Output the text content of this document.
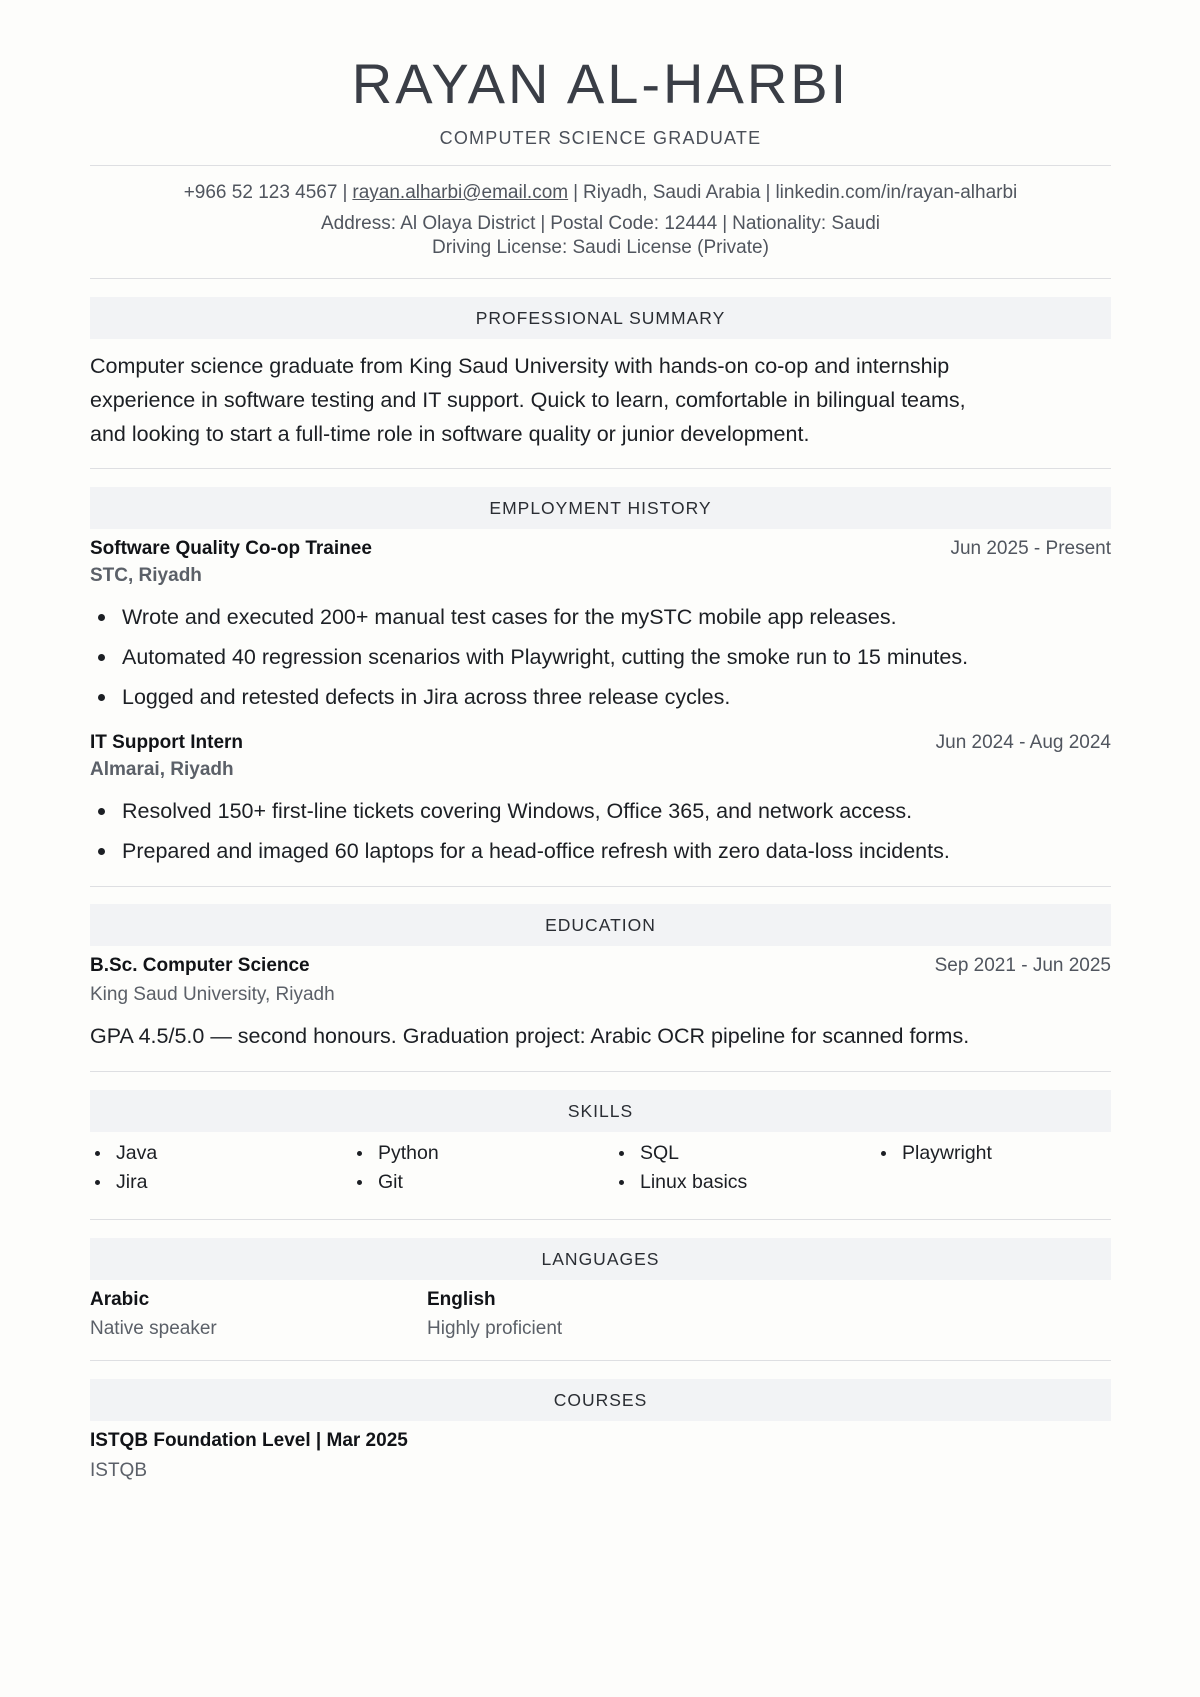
RAYAN AL-HARBI
COMPUTER SCIENCE GRADUATE
+966 52 123 4567 | rayan.alharbi@email.com | Riyadh, Saudi Arabia | linkedin.com/in/rayan-alharbi
Address: Al Olaya District | Postal Code: 12444 | Nationality: Saudi
Driving License: Saudi License (Private)
PROFESSIONAL SUMMARY
Computer science graduate from King Saud University with hands-on co-op and internship
experience in software testing and IT support. Quick to learn, comfortable in bilingual teams,
and looking to start a full-time role in software quality or junior development.
EMPLOYMENT HISTORY
Software Quality Co-op Trainee	Jun 2025 - Present
STC, Riyadh
Wrote and executed 200+ manual test cases for the mySTC mobile app releases.
Automated 40 regression scenarios with Playwright, cutting the smoke run to 15 minutes.
Logged and retested defects in Jira across three release cycles.
IT Support Intern	Jun 2024 - Aug 2024
Almarai, Riyadh
Resolved 150+ first-line tickets covering Windows, Office 365, and network access.
Prepared and imaged 60 laptops for a head-office refresh with zero data-loss incidents.
EDUCATION
B.Sc. Computer Science	Sep 2021 - Jun 2025
King Saud University, Riyadh
GPA 4.5/5.0 — second honours. Graduation project: Arabic OCR pipeline for scanned forms.
SKILLS
Java	Python	SQL	Playwright
Jira	Git	Linux basics
LANGUAGES
Arabic
Native speaker
English
Highly proficient
COURSES
ISTQB Foundation Level | Mar 2025
ISTQB
